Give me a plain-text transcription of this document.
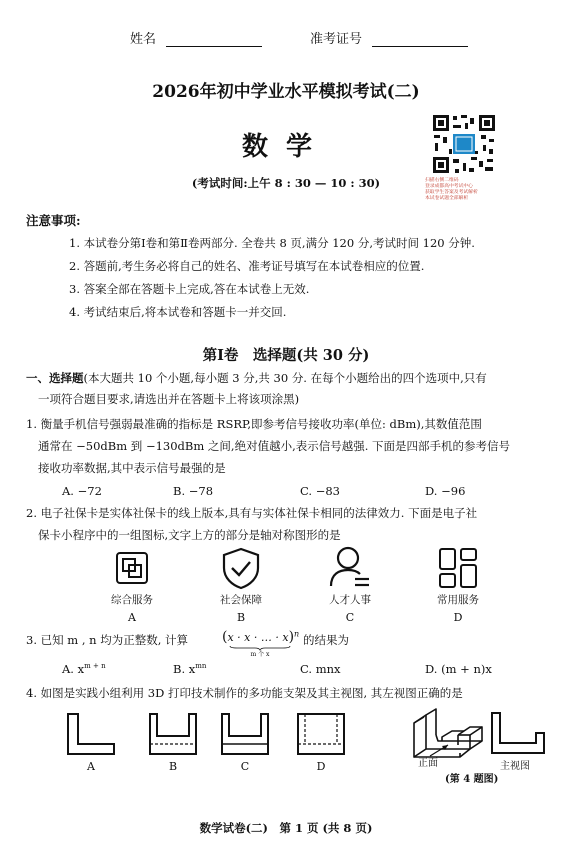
姓名	准考证号
2026年初中学业水平模拟考试(二)
数学
(考试时间:上午 8 : 30 — 10 : 30)	扫描右侧二维码
登录成都高中考试中心
获取学生答案及考试解析
本试卷试题全部解析
注意事项:
1. 本试卷分第Ⅰ卷和第Ⅱ卷两部分. 全卷共 8 页,满分 120 分,考试时间 120 分钟.
2. 答题前,考生务必将自己的姓名、准考证号填写在本试卷相应的位置.
3. 答案全部在答题卡上完成,答在本试卷上无效.
4. 考试结束后,将本试卷和答题卡一并交回.
第Ⅰ卷　选择题(共 30 分)
一、选择题(本大题共 10 个小题,每小题 3 分,共 30 分. 在每个小题给出的四个选项中,只有
一项符合题目要求,请选出并在答题卡上将该项涂黑)
1. 衡量手机信号强弱最准确的指标是 RSRP,即参考信号接收功率(单位: dBm),其数值范围
通常在 −50dBm 到 −130dBm 之间,绝对值越小,表示信号越强. 下面是四部手机的参考信号
接收功率数据,其中表示信号最强的是
A. −72	B. −78	C. −83	D. −96
2. 电子社保卡是实体社保卡的线上版本,具有与实体社保卡相同的法律效力. 下面是电子社
保卡小程序中的一组图标,文字上方的部分是轴对称图形的是
综合服务	社会保障	人才人事	常用服务
A	B	C	D
3. 已知 m , n 均为正整数, 计算 (x · x · … · x)$^n$
m 个 x
的结果为
A. $x^{m + n}$	B. $x^{mn}$	C. mnx	D. (m + n)x
4. 如图是实践小组利用 3D 打印技术制作的多功能支架及其主视图, 其左视图正确的是
A	B	C	D	正面	主视图
(第 4 题图)
数学试卷(二)　第 1 页 (共 8 页)
